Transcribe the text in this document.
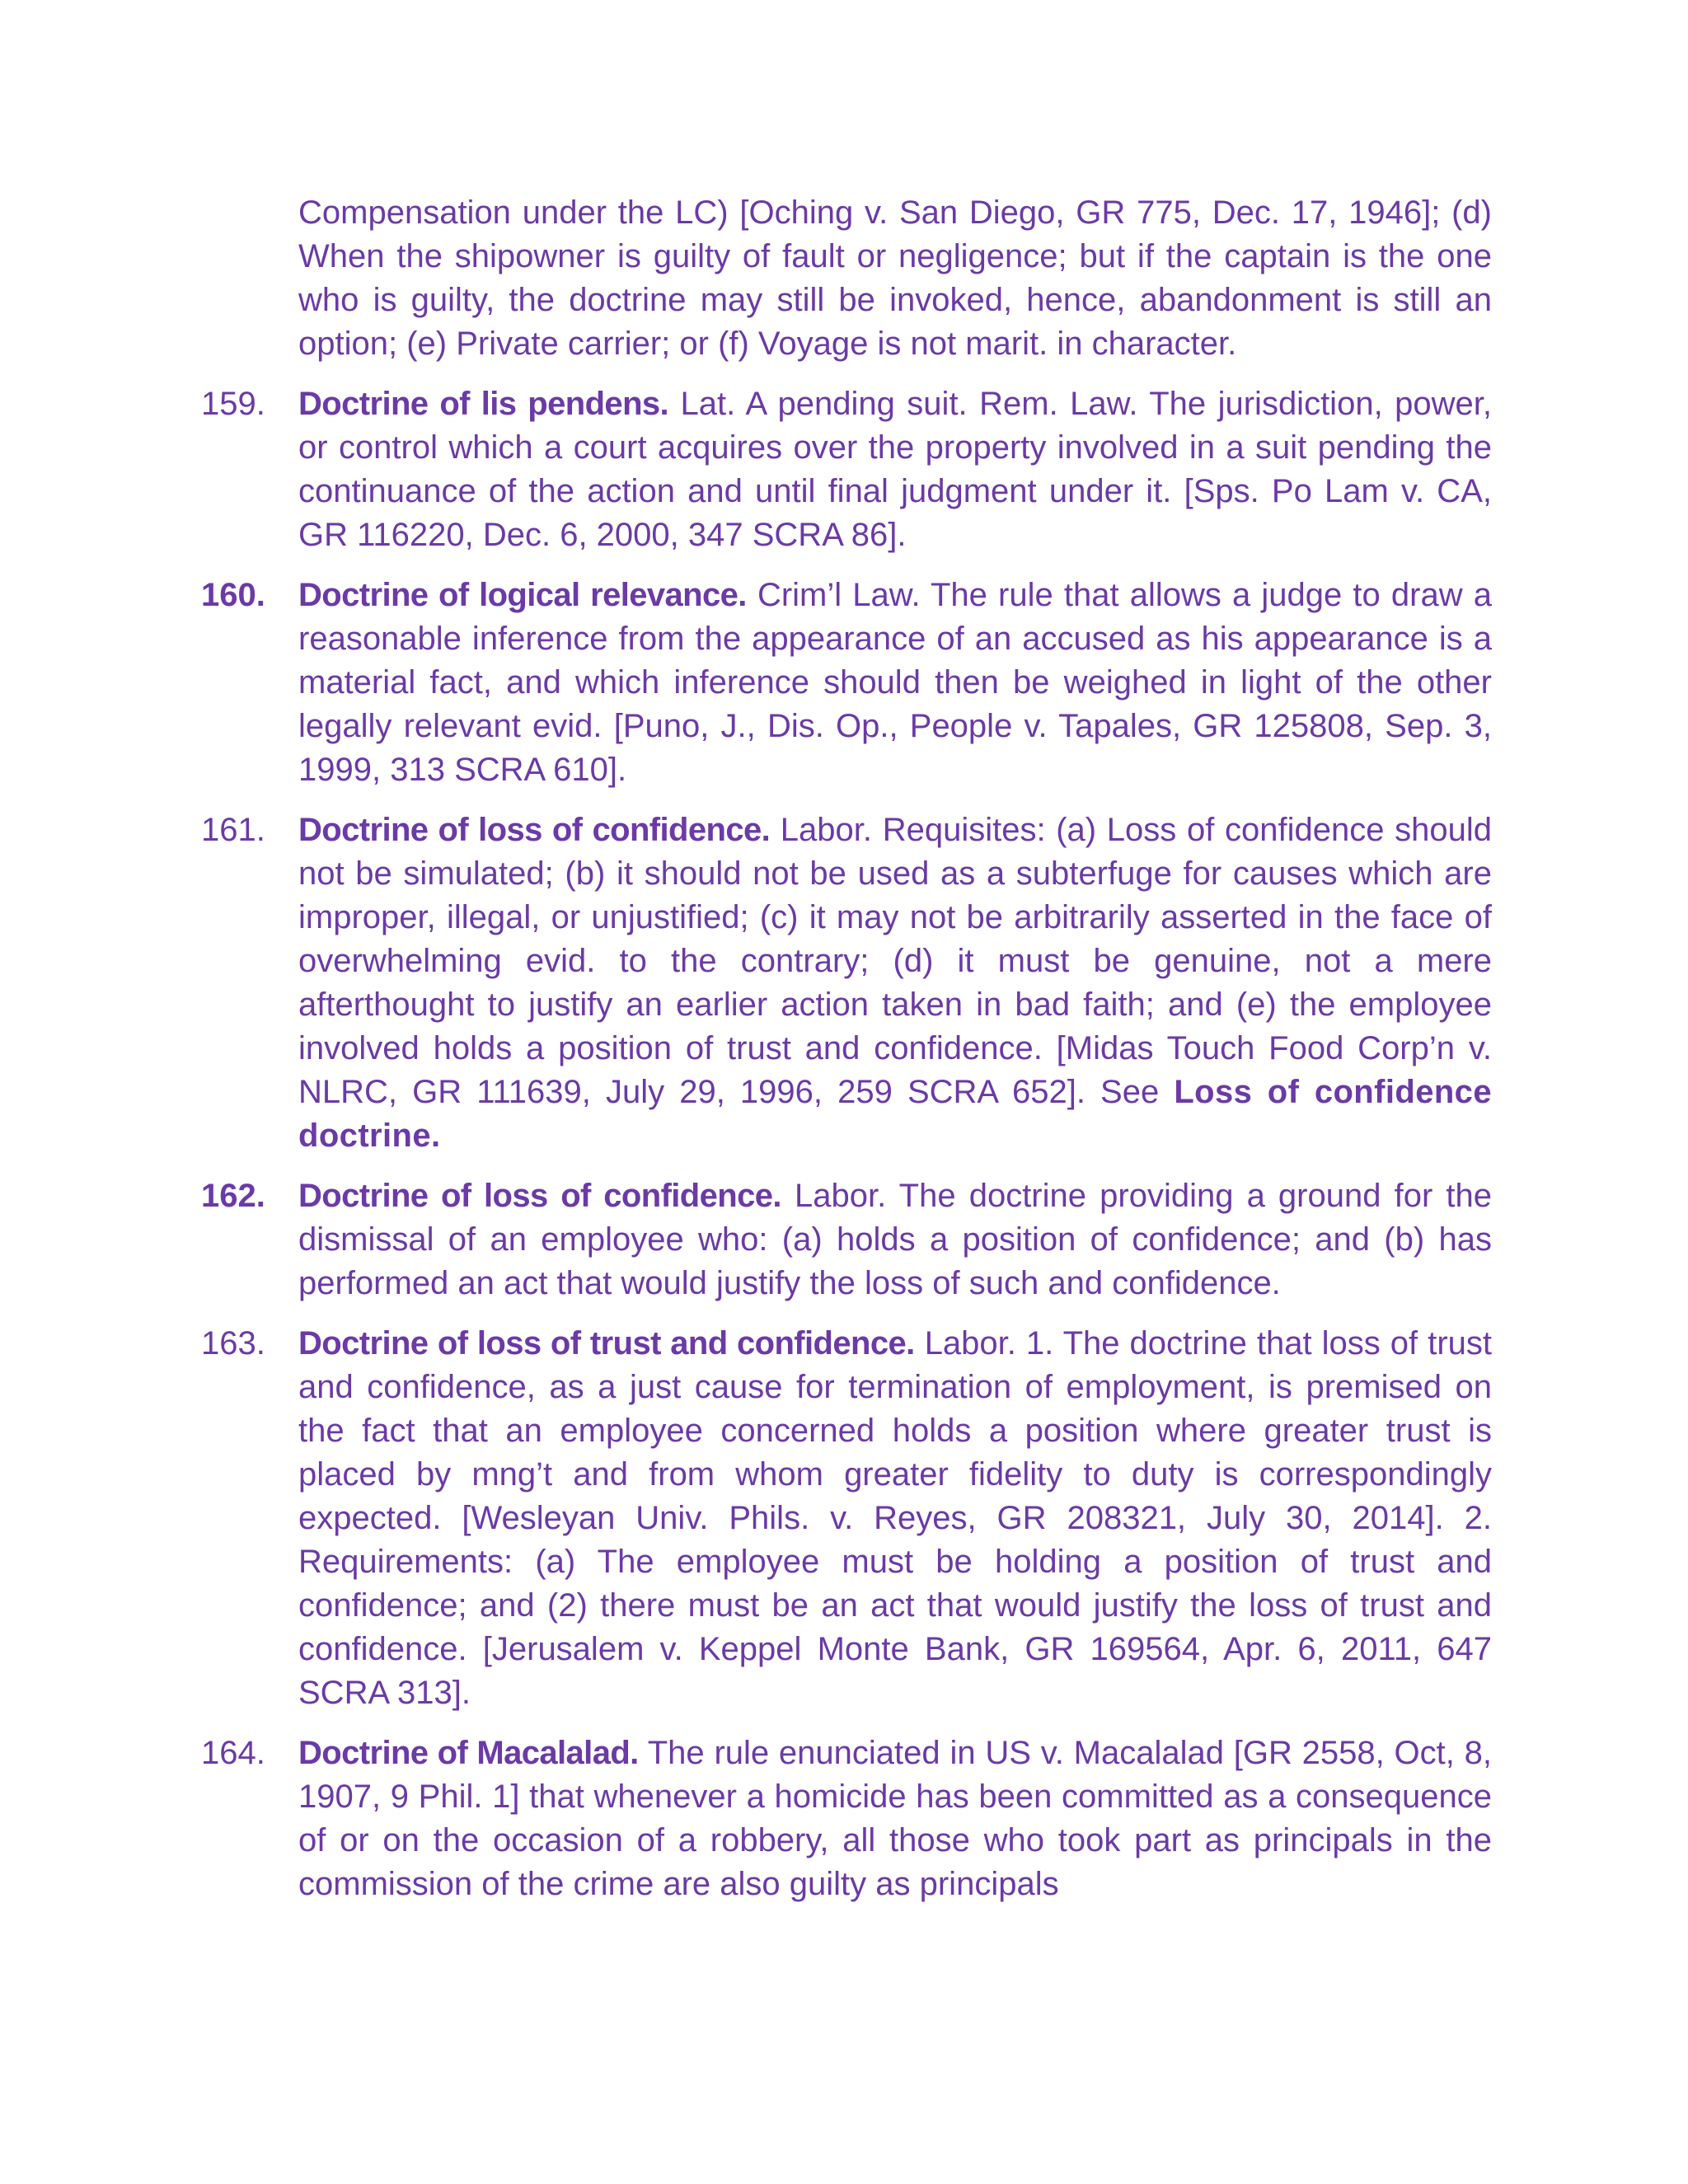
Compensation under the LC) [Oching v. San Diego, GR 775, Dec. 17, 1946]; (d) When the shipowner is guilty of fault or negligence; but if the captain is the one who is guilty, the doctrine may still be invoked, hence, abandonment is still an option; (e) Private carrier; or (f) Voyage is not marit. in character.
159.	Doctrine of lis pendens. Lat. A pending suit. Rem. Law. The jurisdiction, power, or control which a court acquires over the property involved in a suit pending the continuance of the action and until final judgment under it. [Sps. Po Lam v. CA, GR 116220, Dec. 6, 2000, 347 SCRA 86].
160.	Doctrine of logical relevance. Crim’l Law. The rule that allows a judge to draw a reasonable inference from the appearance of an accused as his appearance is a material fact, and which inference should then be weighed in light of the other legally relevant evid. [Puno, J., Dis. Op., People v. Tapales, GR 125808, Sep. 3, 1999, 313 SCRA 610].
161.	Doctrine of loss of confidence. Labor. Requisites: (a) Loss of confidence should not be simulated; (b) it should not be used as a subterfuge for causes which are improper, illegal, or unjustified; (c) it may not be arbitrarily asserted in the face of overwhelming evid. to the contrary; (d) it must be genuine, not a mere afterthought to justify an earlier action taken in bad faith; and (e) the employee involved holds a position of trust and confidence. [Midas Touch Food Corp’n v. NLRC, GR 111639, July 29, 1996, 259 SCRA 652]. See Loss of confidence doctrine.
162.	Doctrine of loss of confidence. Labor. The doctrine providing a ground for the dismissal of an employee who: (a) holds a position of confidence; and (b) has performed an act that would justify the loss of such and confidence.
163.	Doctrine of loss of trust and confidence. Labor. 1. The doctrine that loss of trust and confidence, as a just cause for termination of employment, is premised on the fact that an employee concerned holds a position where greater trust is placed by mng’t and from whom greater fidelity to duty is correspondingly expected. [Wesleyan Univ. Phils. v. Reyes, GR 208321, July 30, 2014]. 2. Requirements: (a) The employee must be holding a position of trust and confidence; and (2) there must be an act that would justify the loss of trust and confidence. [Jerusalem v. Keppel Monte Bank, GR 169564, Apr. 6, 2011, 647 SCRA 313].
164.	Doctrine of Macalalad. The rule enunciated in US v. Macalalad [GR 2558, Oct, 8, 1907, 9 Phil. 1] that whenever a homicide has been committed as a consequence of or on the occasion of a robbery, all those who took part as principals in the commission of the crime are also guilty as principals
